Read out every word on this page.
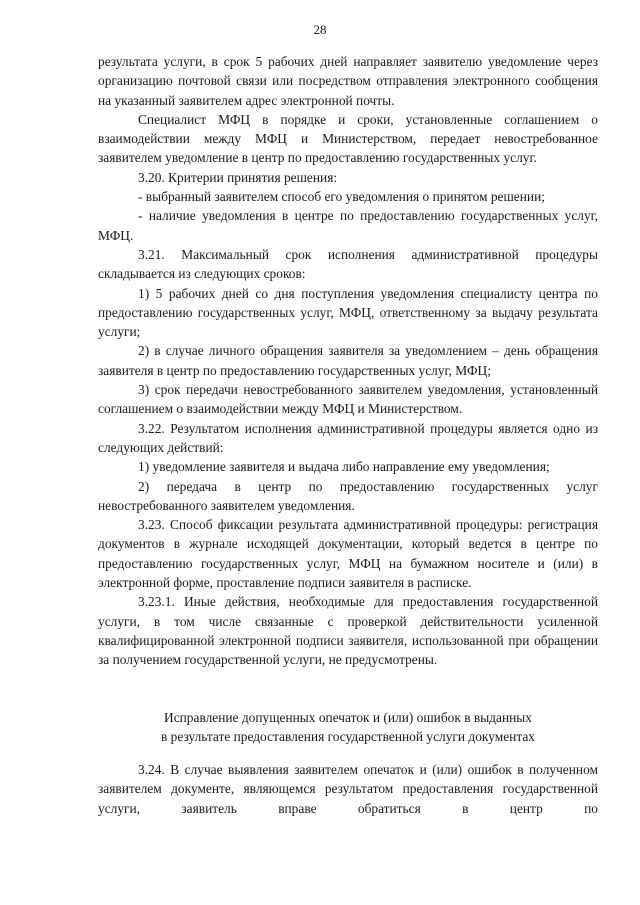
28

результата услуги, в срок 5 рабочих дней направляет заявителю уведомление через организацию почтовой связи или посредством отправления электронного сообщения на указанный заявителем адрес электронной почты.

Специалист МФЦ в порядке и сроки, установленные соглашением о взаимодействии между МФЦ и Министерством, передает невостребованное заявителем уведомление в центр по предоставлению государственных услуг.

3.20. Критерии принятия решения:

- выбранный заявителем способ его уведомления о принятом решении;

- наличие уведомления в центре по предоставлению государственных услуг, МФЦ.

3.21. Максимальный срок исполнения административной процедуры складывается из следующих сроков:

1) 5 рабочих дней со дня поступления уведомления специалисту центра по предоставлению государственных услуг, МФЦ, ответственному за выдачу результата услуги;

2) в случае личного обращения заявителя за уведомлением – день обращения заявителя в центр по предоставлению государственных услуг, МФЦ;

3) срок передачи невостребованного заявителем уведомления, установленный соглашением о взаимодействии между МФЦ и Министерством.

3.22. Результатом исполнения административной процедуры является одно из следующих действий:

1) уведомление заявителя и выдача либо направление ему уведомления;

2) передача в центр по предоставлению государственных услуг невостребованного заявителем уведомления.

3.23. Способ фиксации результата административной процедуры: регистрация документов в журнале исходящей документации, который ведется в центре по предоставлению государственных услуг, МФЦ на бумажном носителе и (или) в электронной форме, проставление подписи заявителя в расписке.

3.23.1. Иные действия, необходимые для предоставления государственной услуги, в том числе связанные с проверкой действительности усиленной квалифицированной электронной подписи заявителя, использованной при обращении за получением государственной услуги, не предусмотрены.

Исправление допущенных опечаток и (или) ошибок в выданных
в результате предоставления государственной услуги документах

3.24. В случае выявления заявителем опечаток и (или) ошибок в полученном заявителем документе, являющемся результатом предоставления государственной услуги, заявитель вправе обратиться в центр по
